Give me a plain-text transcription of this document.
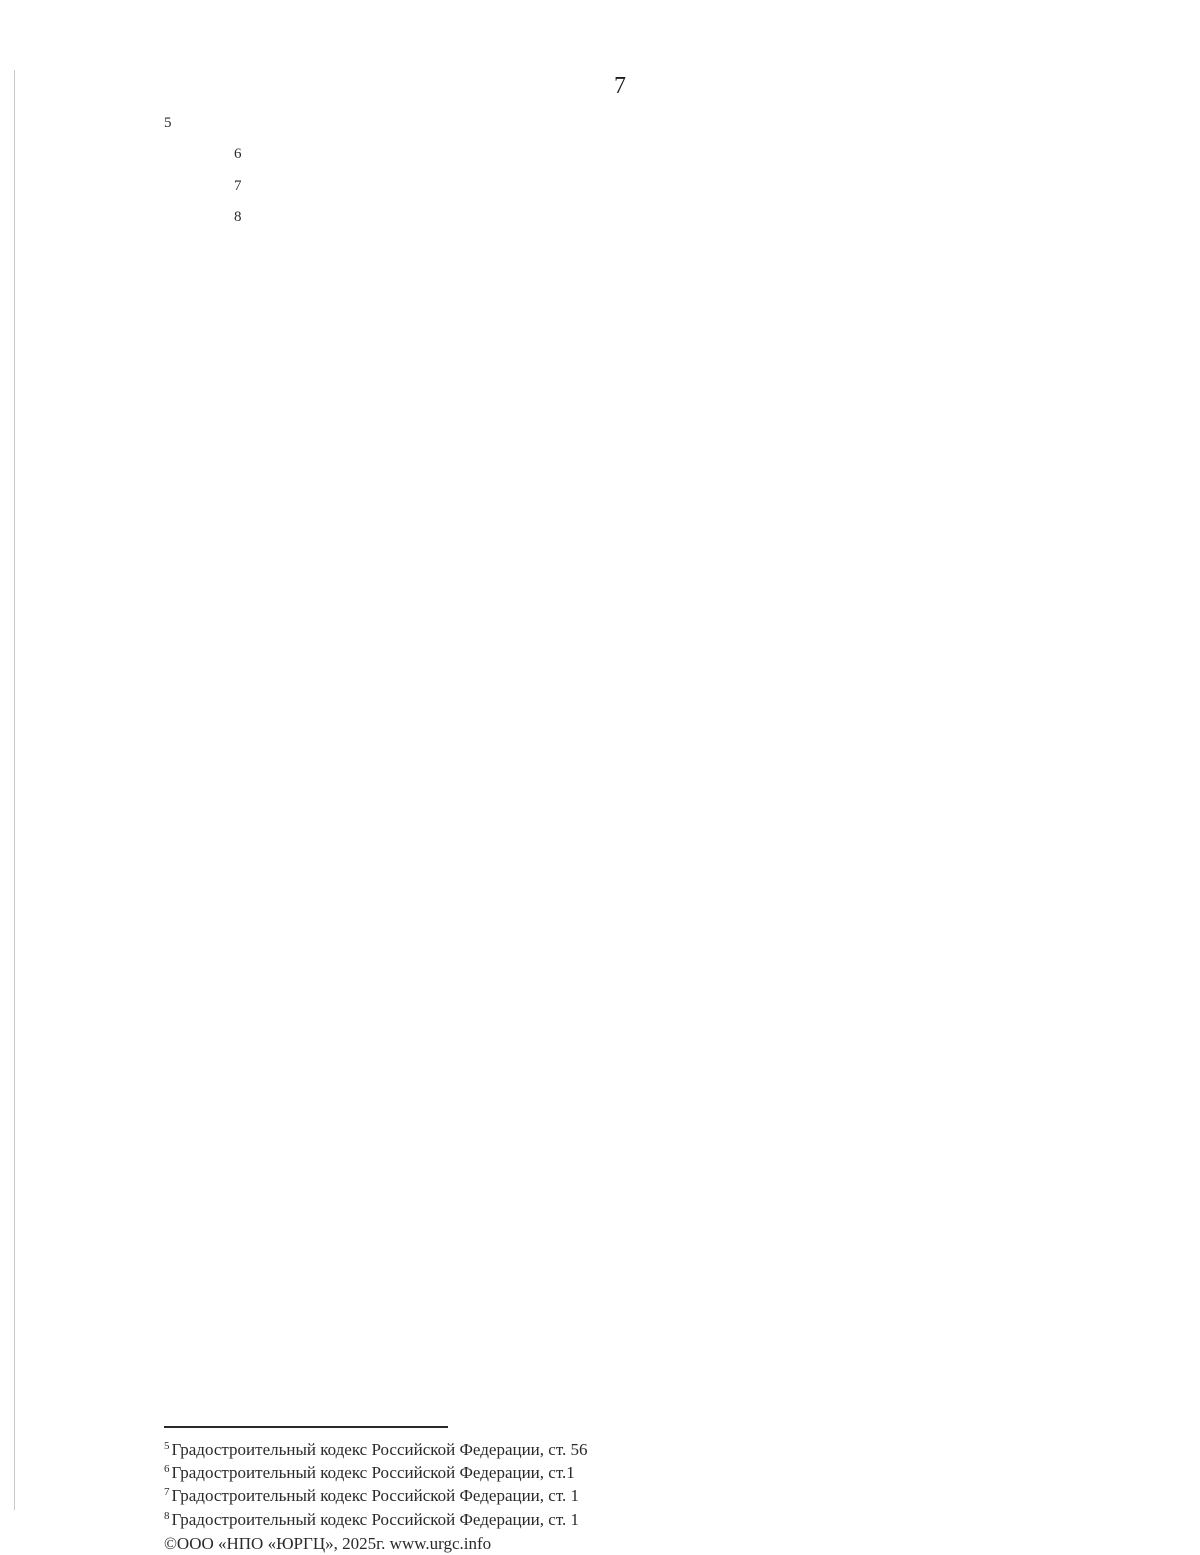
7

$^5$

$^6$

$^7$

$^8$

$^5$ Градостроительный кодекс Российской Федерации, ст. 56
$^6$ Градостроительный кодекс Российской Федерации, ст.1
$^7$ Градостроительный кодекс Российской Федерации, ст. 1
$^8$ Градостроительный кодекс Российской Федерации, ст. 1
©ООО «НПО «ЮРГЦ», 2025г. www.urgc.info
